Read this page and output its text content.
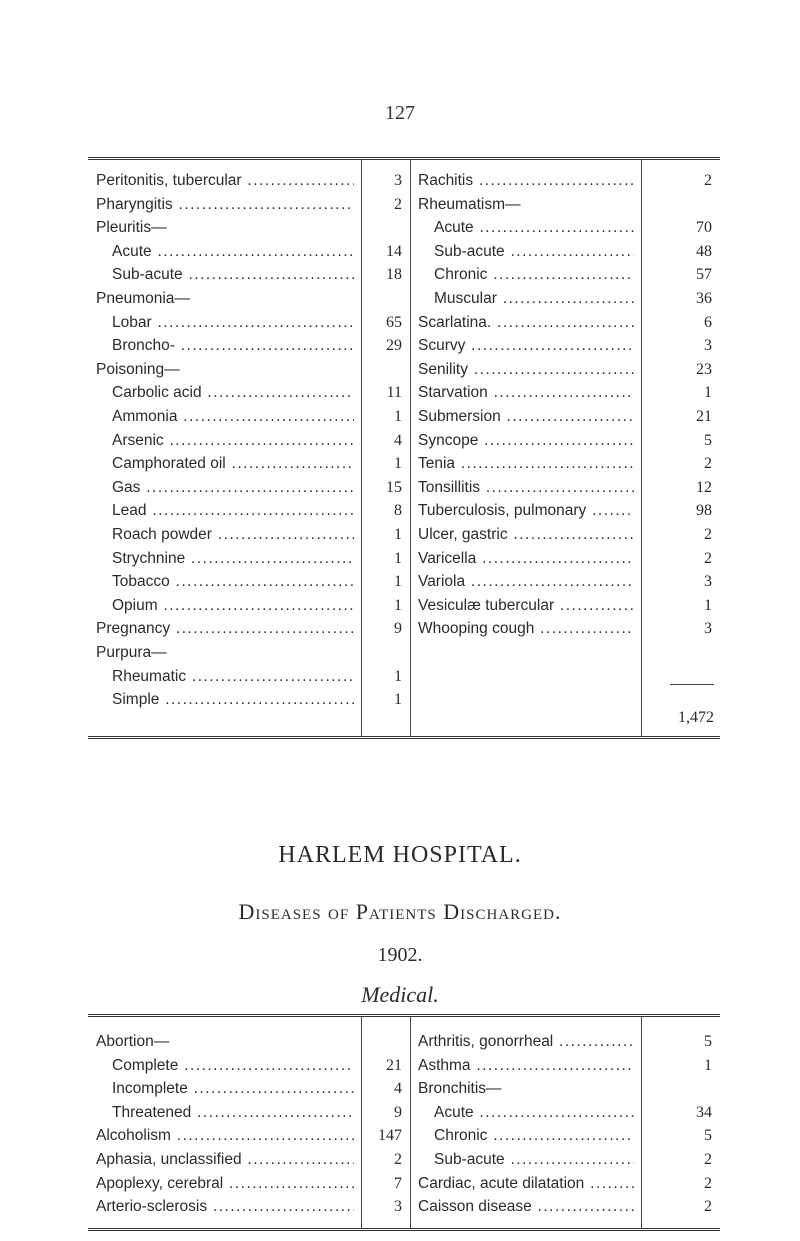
127
Peritonitis, tubercular .....	3
Pharyngitis .....	2
Pleuritis—
Acute .....	14
Sub-acute .....	18
Pneumonia—
Lobar .....	65
Broncho- .....	29
Poisoning—
Carbolic acid .....	11
Ammonia .....	1
Arsenic .....	4
Camphorated oil .....	1
Gas .....	15
Lead .....	8
Roach powder .....	1
Strychnine .....	1
Tobacco .....	1
Opium .....	1
Pregnancy .....	9
Purpura—
Rheumatic .....	1
Simple .....	1
Rachitis .....	2
Rheumatism—
Acute .....	70
Sub-acute .....	48
Chronic .....	57
Muscular .....	36
Scarlatina. .....	6
Scurvy .....	3
Senility .....	23
Starvation .....	1
Submersion .....	21
Syncope .....	5
Tenia .....	2
Tonsillitis .....	12
Tuberculosis, pulmonary .....	98
Ulcer, gastric .....	2
Varicella .....	2
Variola .....	3
Vesiculæ tubercular .....	1
Whooping cough .....	3
1,472
HARLEM HOSPITAL.
Diseases of Patients Discharged.
1902.
Medical.
Abortion—
Complete .....	21
Incomplete .....	4
Threatened .....	9
Alcoholism .....	147
Aphasia, unclassified .....	2
Apoplexy, cerebral .....	7
Arterio-sclerosis .....	3
Arthritis, gonorrheal .....	5
Asthma .....	1
Bronchitis—
Acute .....	34
Chronic .....	5
Sub-acute .....	2
Cardiac, acute dilatation .....	2
Caisson disease .....	2
